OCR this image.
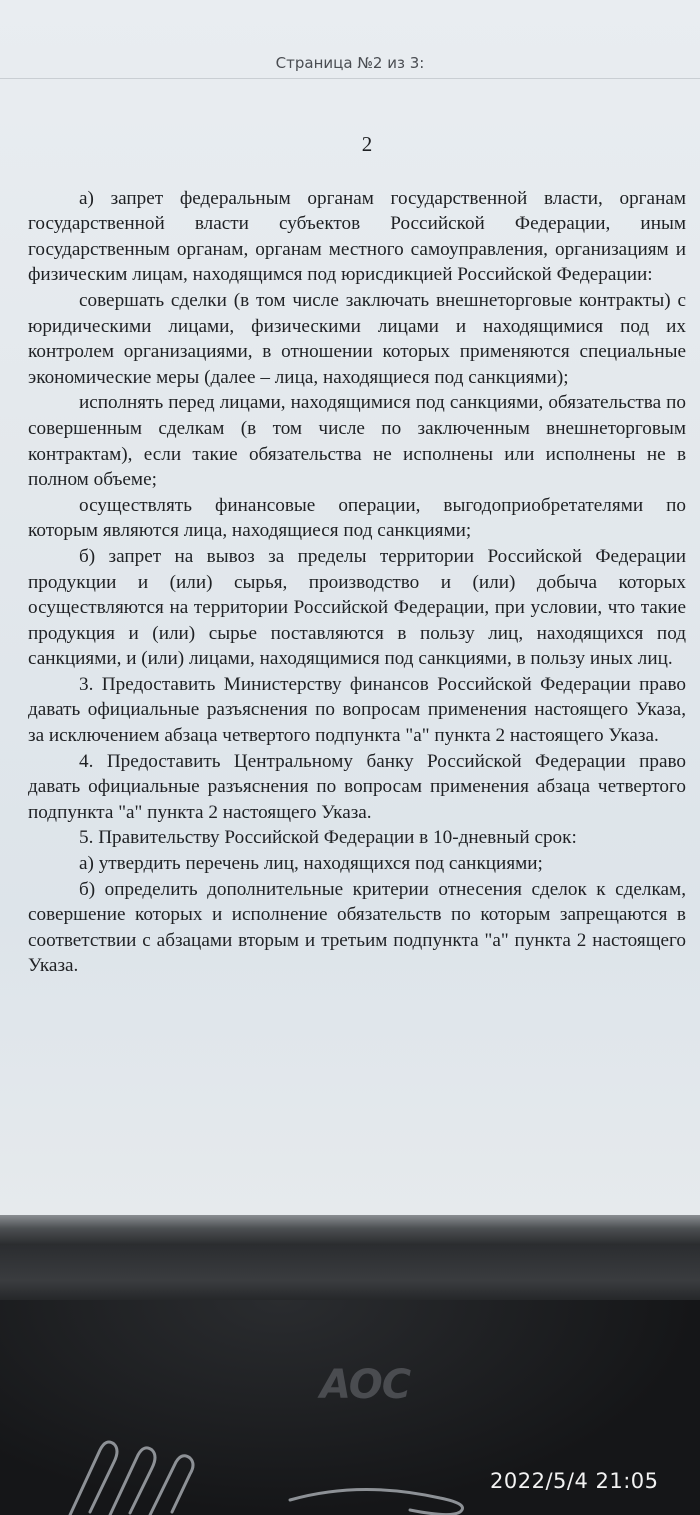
Страница №2 из 3:
2

а) запрет федеральным органам государственной власти, органам государственной власти субъектов Российской Федерации, иным государственным органам, органам местного самоуправления, организациям и физическим лицам, находящимся под юрисдикцией Российской Федерации:

совершать сделки (в том числе заключать внешнеторговые контракты) с юридическими лицами, физическими лицами и находящимися под их контролем организациями, в отношении которых применяются специальные экономические меры (далее – лица, находящиеся под санкциями);

исполнять перед лицами, находящимися под санкциями, обязательства по совершенным сделкам (в том числе по заключенным внешнеторговым контрактам), если такие обязательства не исполнены или исполнены не в полном объеме;

осуществлять финансовые операции, выгодоприобретателями по которым являются лица, находящиеся под санкциями;

б) запрет на вывоз за пределы территории Российской Федерации продукции и (или) сырья, производство и (или) добыча которых осуществляются на территории Российской Федерации, при условии, что такие продукция и (или) сырье поставляются в пользу лиц, находящихся под санкциями, и (или) лицами, находящимися под санкциями, в пользу иных лиц.

3. Предоставить Министерству финансов Российской Федерации право давать официальные разъяснения по вопросам применения настоящего Указа, за исключением абзаца четвертого подпункта "а" пункта 2 настоящего Указа.

4. Предоставить Центральному банку Российской Федерации право давать официальные разъяснения по вопросам применения абзаца четвертого подпункта "а" пункта 2 настоящего Указа.

5. Правительству Российской Федерации в 10-дневный срок:

а) утвердить перечень лиц, находящихся под санкциями;

б) определить дополнительные критерии отнесения сделок к сделкам, совершение которых и исполнение обязательств по которым запрещаются в соответствии с абзацами вторым и третьим подпункта "а" пункта 2 настоящего Указа.

AOC
2022/5/4 21:05
